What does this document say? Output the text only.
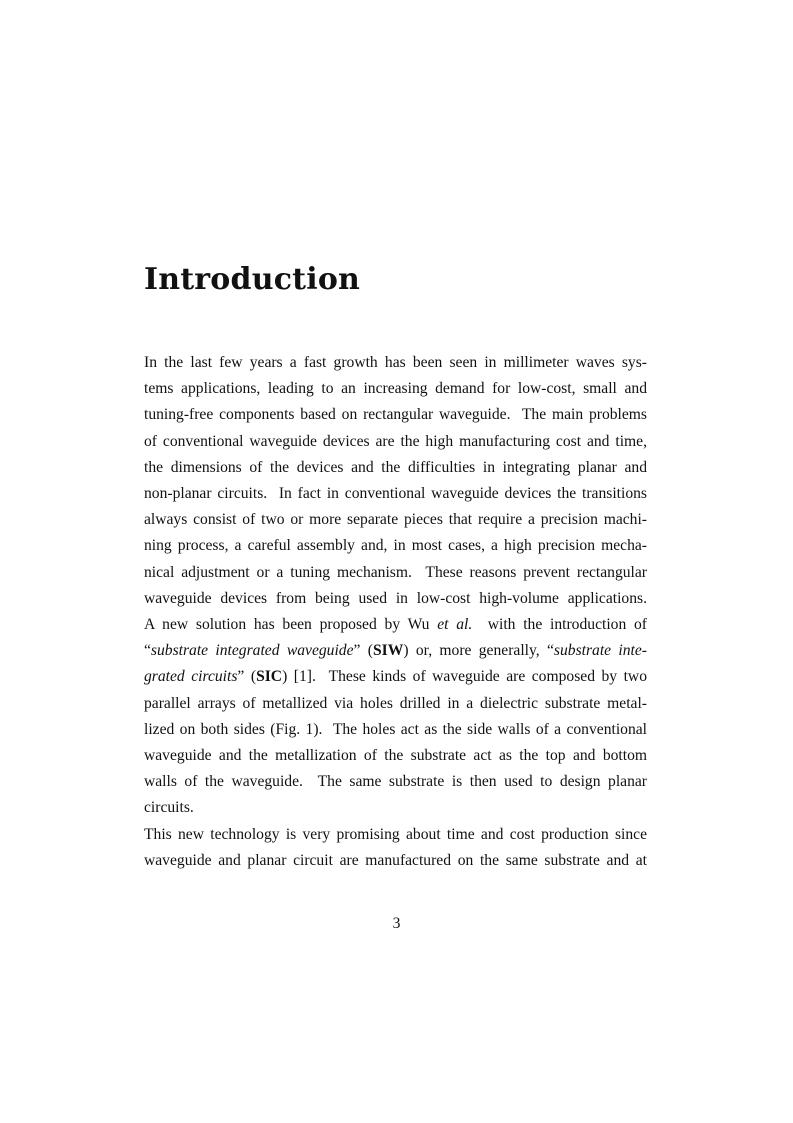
Introduction
In the last few years a fast growth has been seen in millimeter waves sys-
tems applications, leading to an increasing demand for low-cost, small and
tuning-free components based on rectangular waveguide.  The main problems
of conventional waveguide devices are the high manufacturing cost and time,
the dimensions of the devices and the difficulties in integrating planar and
non-planar circuits.  In fact in conventional waveguide devices the transitions
always consist of two or more separate pieces that require a precision machi-
ning process, a careful assembly and, in most cases, a high precision mecha-
nical adjustment or a tuning mechanism.  These reasons prevent rectangular
waveguide devices from being used in low-cost high-volume applications.
A new solution has been proposed by Wu et al.  with the introduction of
“substrate integrated waveguide” (SIW) or, more generally, “substrate inte-
grated circuits” (SIC) [1].  These kinds of waveguide are composed by two
parallel arrays of metallized via holes drilled in a dielectric substrate metal-
lized on both sides (Fig. 1).  The holes act as the side walls of a conventional
waveguide and the metallization of the substrate act as the top and bottom
walls of the waveguide.  The same substrate is then used to design planar
circuits.
This new technology is very promising about time and cost production since
waveguide and planar circuit are manufactured on the same substrate and at
3
